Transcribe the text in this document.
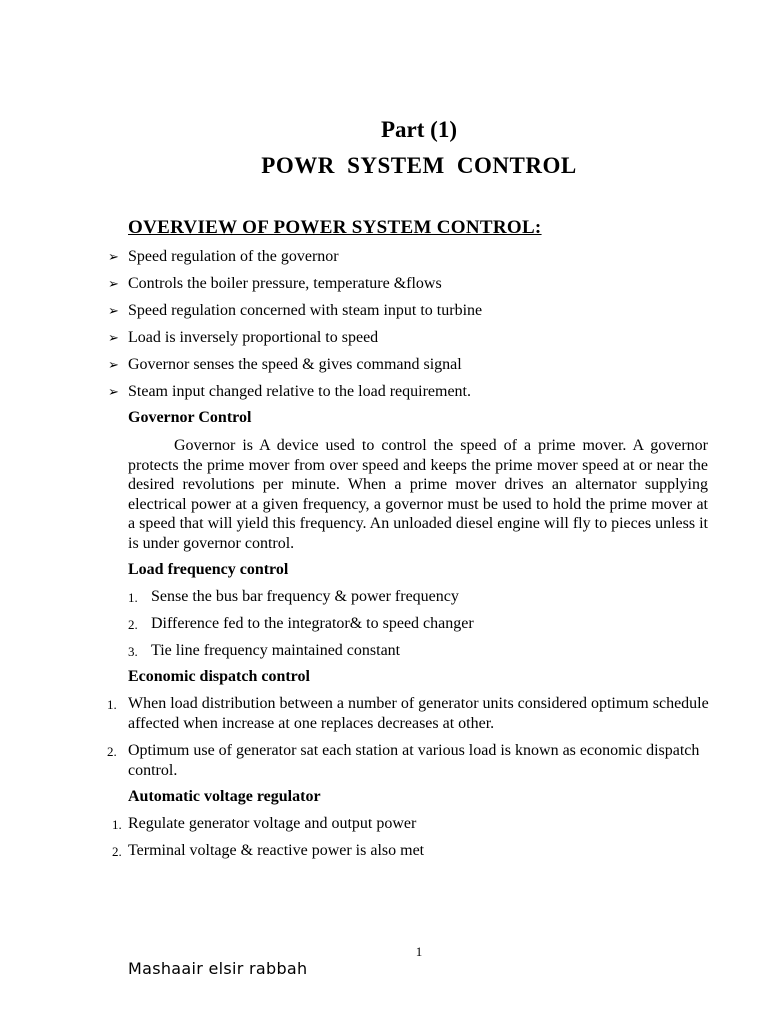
Part (1)
POWR SYSTEM CONTROL
OVERVIEW OF POWER SYSTEM CONTROL:
➢ Speed regulation of the governor
➢ Controls the boiler pressure, temperature &flows
➢ Speed regulation concerned with steam input to turbine
➢ Load is inversely proportional to speed
➢ Governor senses the speed & gives command signal
➢ Steam input changed relative to the load requirement.
Governor Control
Governor is A device used to control the speed of a prime mover. A governor protects the prime mover from over speed and keeps the prime mover speed at or near the desired revolutions per minute. When a prime mover drives an alternator supplying electrical power at a given frequency, a governor must be used to hold the prime mover at a speed that will yield this frequency. An unloaded diesel engine will fly to pieces unless it is under governor control.
Load frequency control
1. Sense the bus bar frequency & power frequency
2. Difference fed to the integrator& to speed changer
3. Tie line frequency maintained constant
Economic dispatch control
1. When load distribution between a number of generator units considered optimum schedule affected when increase at one replaces decreases at other.
2. Optimum use of generator sat each station at various load is known as economic dispatch control.
Automatic voltage regulator
1. Regulate generator voltage and output power
2. Terminal voltage & reactive power is also met
1
Mashaair elsir rabbah
